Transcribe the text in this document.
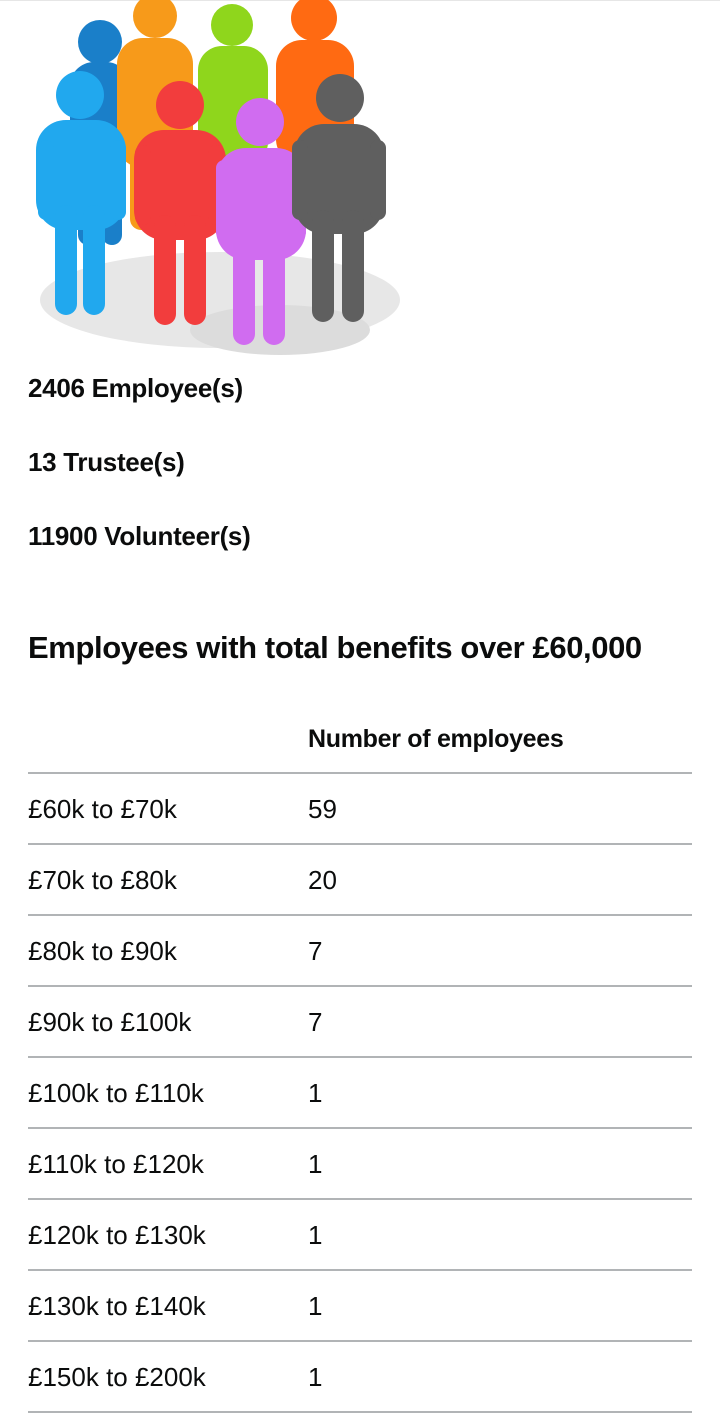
2406 Employee(s)
13 Trustee(s)
11900 Volunteer(s)
Employees with total benefits over £60,000
Number of employees
£60k to £70k	59
£70k to £80k	20
£80k to £90k	7
£90k to £100k	7
£100k to £110k	1
£110k to £120k	1
£120k to £130k	1
£130k to £140k	1
£150k to £200k	1
